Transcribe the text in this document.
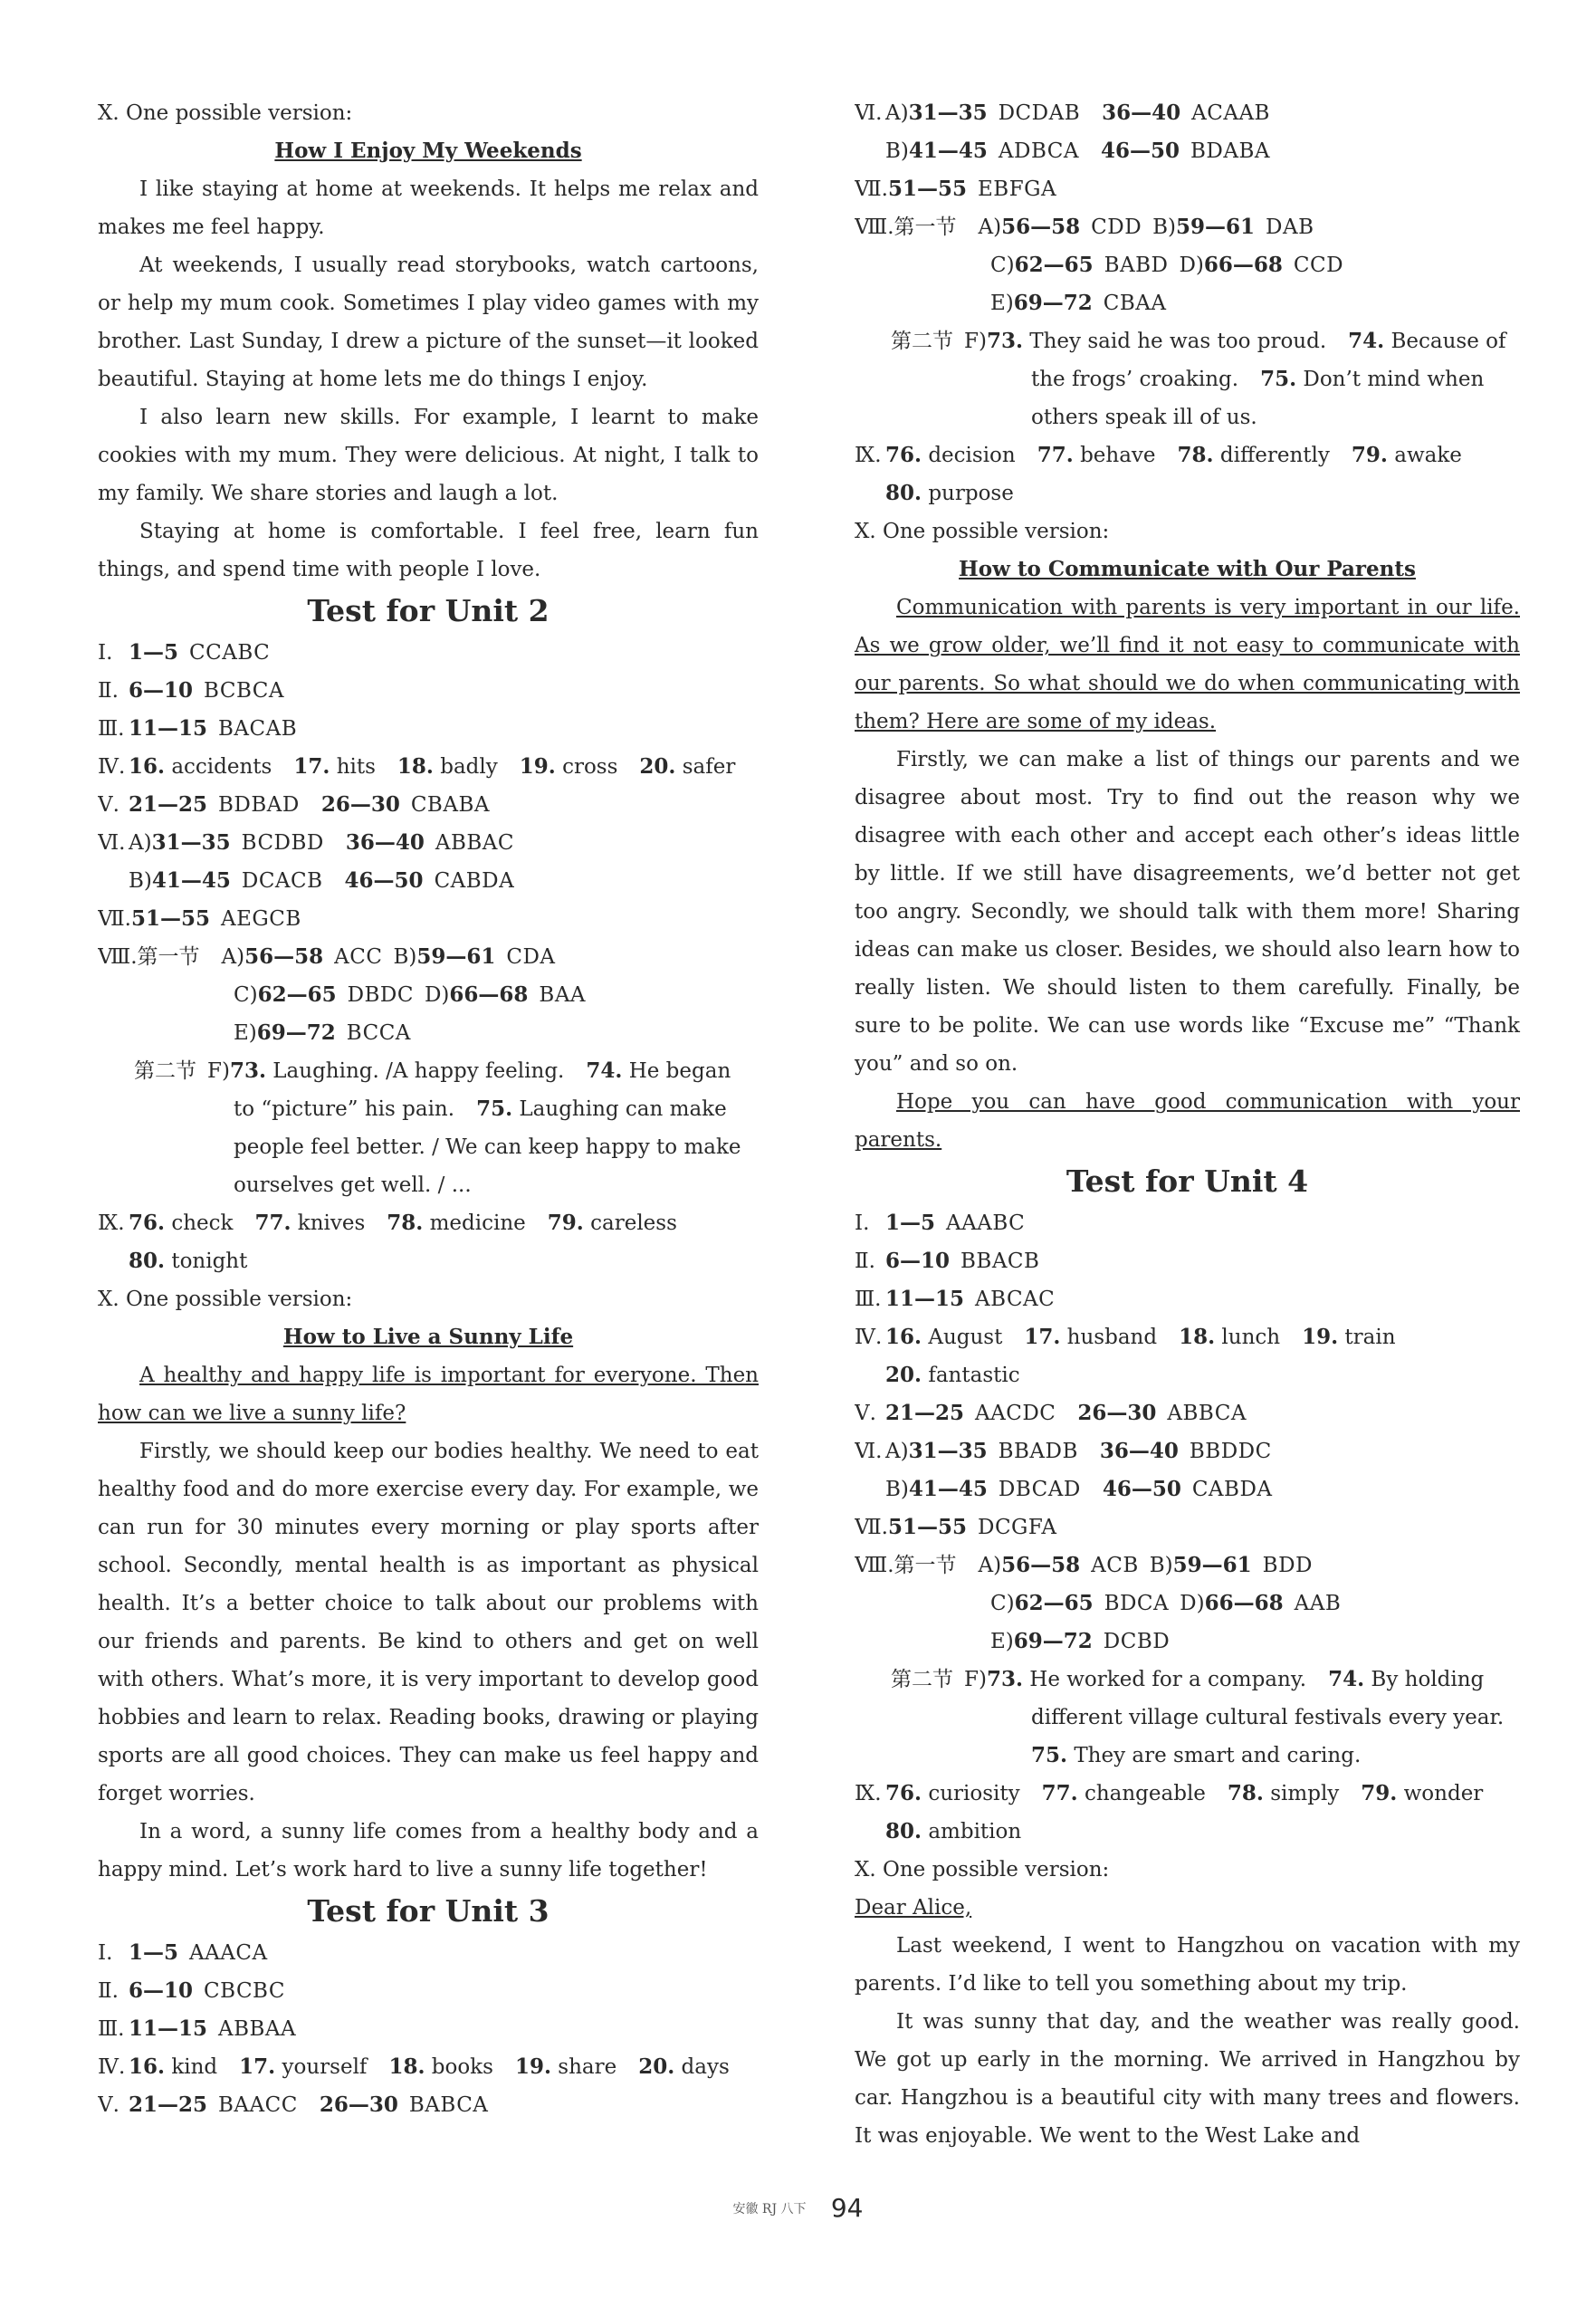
Ⅹ. One possible version:
How I Enjoy My Weekends

I like staying at home at weekends. It helps me relax and makes me feel happy.

At weekends, I usually read storybooks, watch cartoons, or help my mum cook. Sometimes I play video games with my brother. Last Sunday, I drew a picture of the sunset—it looked beautiful. Staying at home lets me do things I enjoy.

I also learn new skills. For example, I learnt to make cookies with my mum. They were delicious. At night, I talk to my family. We share stories and laugh a lot.

Staying at home is comfortable. I feel free, learn fun things, and spend time with people I love.

Test for Unit 2
Ⅰ. 1—5 CCABC
Ⅱ. 6—10 BCBCA
Ⅲ. 11—15 BACAB
Ⅳ. 16. accidents 17. hits 18. badly 19. cross 20. safer
Ⅴ. 21—25 BDBAD 26—30 CBABA
Ⅵ. A)31—35 BCDBD 36—40 ABBAC
B)41—45 DCACB 46—50 CABDA
Ⅶ.51—55 AEGCB
Ⅷ.第一节 A)56—58 ACC B)59—61 CDA
C)62—65 DBDC D)66—68 BAA
E)69—72 BCCA
第二节 F)73. Laughing. /A happy feeling. 74. He began
to “picture” his pain. 75. Laughing can make
people feel better. / We can keep happy to make
ourselves get well. / ...
Ⅸ. 76. check 77. knives 78. medicine 79. careless
80. tonight
Ⅹ. One possible version:
How to Live a Sunny Life

A healthy and happy life is important for everyone. Then how can we live a sunny life?

Firstly, we should keep our bodies healthy. We need to eat healthy food and do more exercise every day. For example, we can run for 30 minutes every morning or play sports after school. Secondly, mental health is as important as physical health. It’s a better choice to talk about our problems with our friends and parents. Be kind to others and get on well with others. What’s more, it is very important to develop good hobbies and learn to relax. Reading books, drawing or playing sports are all good choices. They can make us feel happy and forget worries.

In a word, a sunny life comes from a healthy body and a happy mind. Let’s work hard to live a sunny life together!

Test for Unit 3
Ⅰ. 1—5 AAACA
Ⅱ. 6—10 CBCBC
Ⅲ. 11—15 ABBAA
Ⅳ. 16. kind 17. yourself 18. books 19. share 20. days
Ⅴ. 21—25 BAACC 26—30 BABCA
Ⅵ. A)31—35 DCDAB 36—40 ACAAB
B)41—45 ADBCA 46—50 BDABA
Ⅶ.51—55 EBFGA
Ⅷ.第一节 A)56—58 CDD B)59—61 DAB
C)62—65 BABD D)66—68 CCD
E)69—72 CBAA
第二节 F)73. They said he was too proud. 74. Because of
the frogs’ croaking. 75. Don’t mind when
others speak ill of us.
Ⅸ. 76. decision 77. behave 78. differently 79. awake
80. purpose
Ⅹ. One possible version:
How to Communicate with Our Parents

Communication with parents is very important in our life. As we grow older, we’ll find it not easy to communicate with our parents. So what should we do when communicating with them? Here are some of my ideas.

Firstly, we can make a list of things our parents and we disagree about most. Try to find out the reason why we disagree with each other and accept each other’s ideas little by little. If we still have disagreements, we’d better not get too angry. Secondly, we should talk with them more! Sharing ideas can make us closer. Besides, we should also learn how to really listen. We should listen to them carefully. Finally, be sure to be polite. We can use words like “Excuse me” “Thank you” and so on.

Hope you can have good communication with your parents.

Test for Unit 4
Ⅰ. 1—5 AAABC
Ⅱ. 6—10 BBACB
Ⅲ. 11—15 ABCAC
Ⅳ. 16. August 17. husband 18. lunch 19. train
20. fantastic
Ⅴ. 21—25 AACDC 26—30 ABBCA
Ⅵ. A)31—35 BBADB 36—40 BBDDC
B)41—45 DBCAD 46—50 CABDA
Ⅶ.51—55 DCGFA
Ⅷ.第一节 A)56—58 ACB B)59—61 BDD
C)62—65 BDCA D)66—68 AAB
E)69—72 DCBD
第二节 F)73. He worked for a company. 74. By holding
different village cultural festivals every year.
75. They are smart and caring.
Ⅸ. 76. curiosity 77. changeable 78. simply 79. wonder
80. ambition
Ⅹ. One possible version:
Dear Alice,

Last weekend, I went to Hangzhou on vacation with my parents. I’d like to tell you something about my trip.

It was sunny that day, and the weather was really good. We got up early in the morning. We arrived in Hangzhou by car. Hangzhou is a beautiful city with many trees and flowers. It was enjoyable. We went to the West Lake and

安徽 RJ 八下 94
